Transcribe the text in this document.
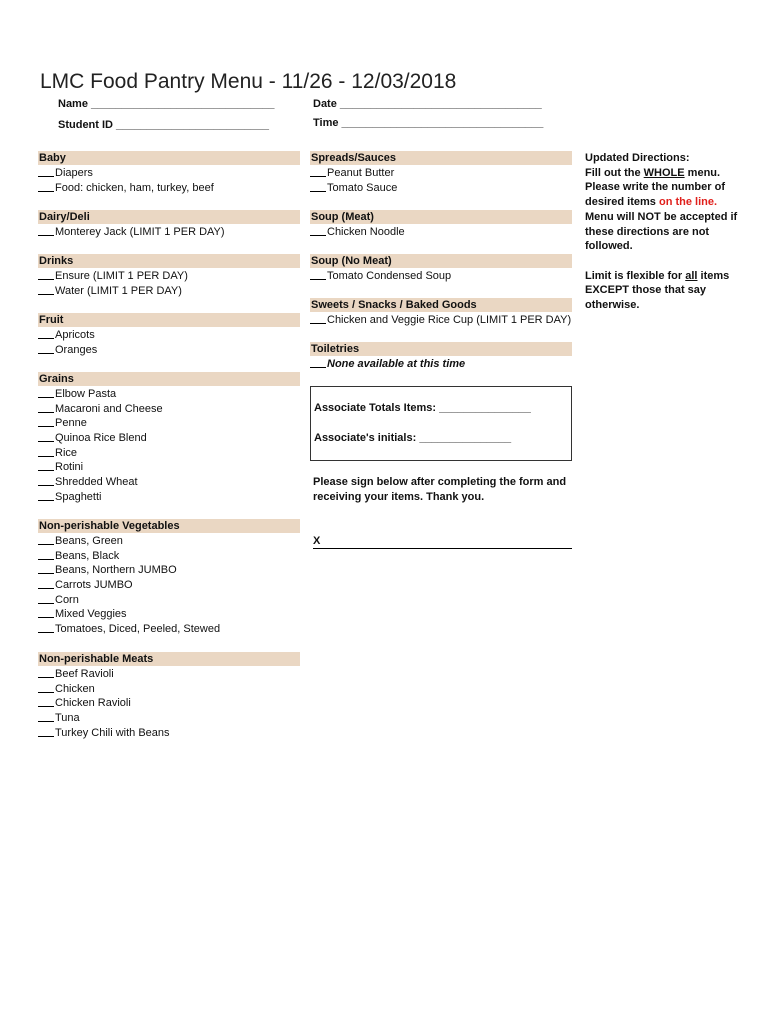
LMC Food Pantry Menu - 11/26 - 12/03/2018
Name ______________________________
Student ID _________________________
Date _________________________________
Time _________________________________
Baby
Diapers
Food: chicken, ham, turkey, beef
Dairy/Deli
Monterey Jack (LIMIT 1 PER DAY)
Drinks
Ensure (LIMIT 1 PER DAY)
Water (LIMIT 1 PER DAY)
Fruit
Apricots
Oranges
Grains
Elbow Pasta
Macaroni and Cheese
Penne
Quinoa Rice Blend
Rice
Rotini
Shredded Wheat
Spaghetti
Non-perishable Vegetables
Beans, Green
Beans, Black
Beans, Northern JUMBO
Carrots JUMBO
Corn
Mixed Veggies
Tomatoes, Diced, Peeled, Stewed
Non-perishable Meats
Beef Ravioli
Chicken
Chicken Ravioli
Tuna
Turkey Chili with Beans
Spreads/Sauces
Peanut Butter
Tomato Sauce
Soup (Meat)
Chicken Noodle
Soup (No Meat)
Tomato Condensed Soup
Sweets / Snacks / Baked Goods
Chicken and Veggie Rice Cup (LIMIT 1 PER DAY)
Toiletries
None available at this time
Associate Totals Items: _______________
Associate's initials: _______________
Please sign below after completing the form and receiving your items. Thank you.
X

Updated Directions:

Fill out the WHOLE menu.

Please write the number of desired items on the line.

Menu will NOT be accepted if these directions are not followed.

Limit is flexible for all items EXCEPT those that say otherwise.
